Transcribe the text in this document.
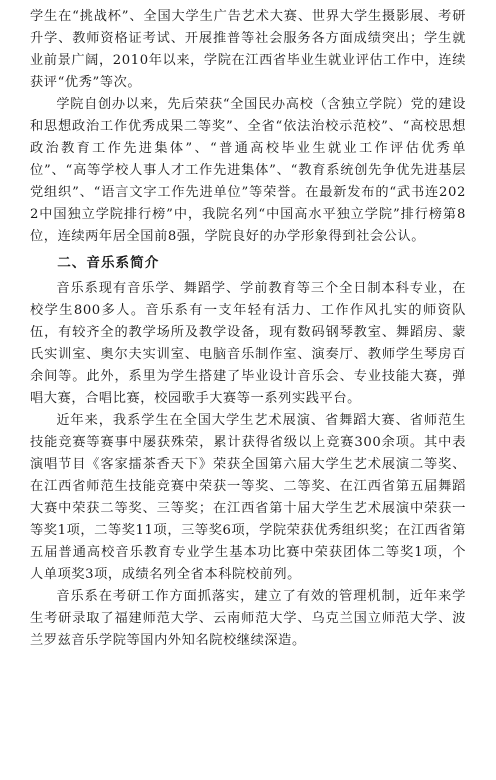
学生在“挑战杯”、全国大学生广告艺术大赛、世界大学生摄影展、考研升学、教师资格证考试、开展推普等社会服务各方面成绩突出；学生就业前景广阔，2010年以来，学院在江西省毕业生就业评估工作中，连续获评“优秀”等次。

学院自创办以来，先后荣获“全国民办高校（含独立学院）党的建设和思想政治工作优秀成果二等奖”、全省“依法治校示范校”、“高校思想政治教育工作先进集体”、“普通高校毕业生就业工作评估优秀单位”、“高等学校人事人才工作先进集体”、“教育系统创先争优先进基层党组织”、“语言文字工作先进单位”等荣誉。在最新发布的“武书连2022中国独立学院排行榜”中，我院名列“中国高水平独立学院”排行榜第8位，连续两年居全国前8强，学院良好的办学形象得到社会公认。

二、音乐系简介

音乐系现有音乐学、舞蹈学、学前教育等三个全日制本科专业，在校学生800多人。音乐系有一支年轻有活力、工作作风扎实的师资队伍，有较齐全的教学场所及教学设备，现有数码钢琴教室、舞蹈房、蒙氏实训室、奥尔夫实训室、电脑音乐制作室、演奏厅、教师学生琴房百余间等。此外，系里为学生搭建了毕业设计音乐会、专业技能大赛，弹唱大赛，合唱比赛，校园歌手大赛等一系列实践平台。

近年来，我系学生在全国大学生艺术展演、省舞蹈大赛、省师范生技能竞赛等赛事中屡获殊荣，累计获得省级以上竞赛300余项。其中表演唱节目《客家擂茶香天下》荣获全国第六届大学生艺术展演二等奖、在江西省师范生技能竞赛中荣获一等奖、二等奖、在江西省第五届舞蹈大赛中荣获二等奖、三等奖；在江西省第十届大学生艺术展演中荣获一等奖1项，二等奖11项，三等奖6项，学院荣获优秀组织奖；在江西省第五届普通高校音乐教育专业学生基本功比赛中荣获团体二等奖1项，个人单项奖3项，成绩名列全省本科院校前列。

音乐系在考研工作方面抓落实，建立了有效的管理机制，近年来学生考研录取了福建师范大学、云南师范大学、乌克兰国立师范大学、波兰罗兹音乐学院等国内外知名院校继续深造。
